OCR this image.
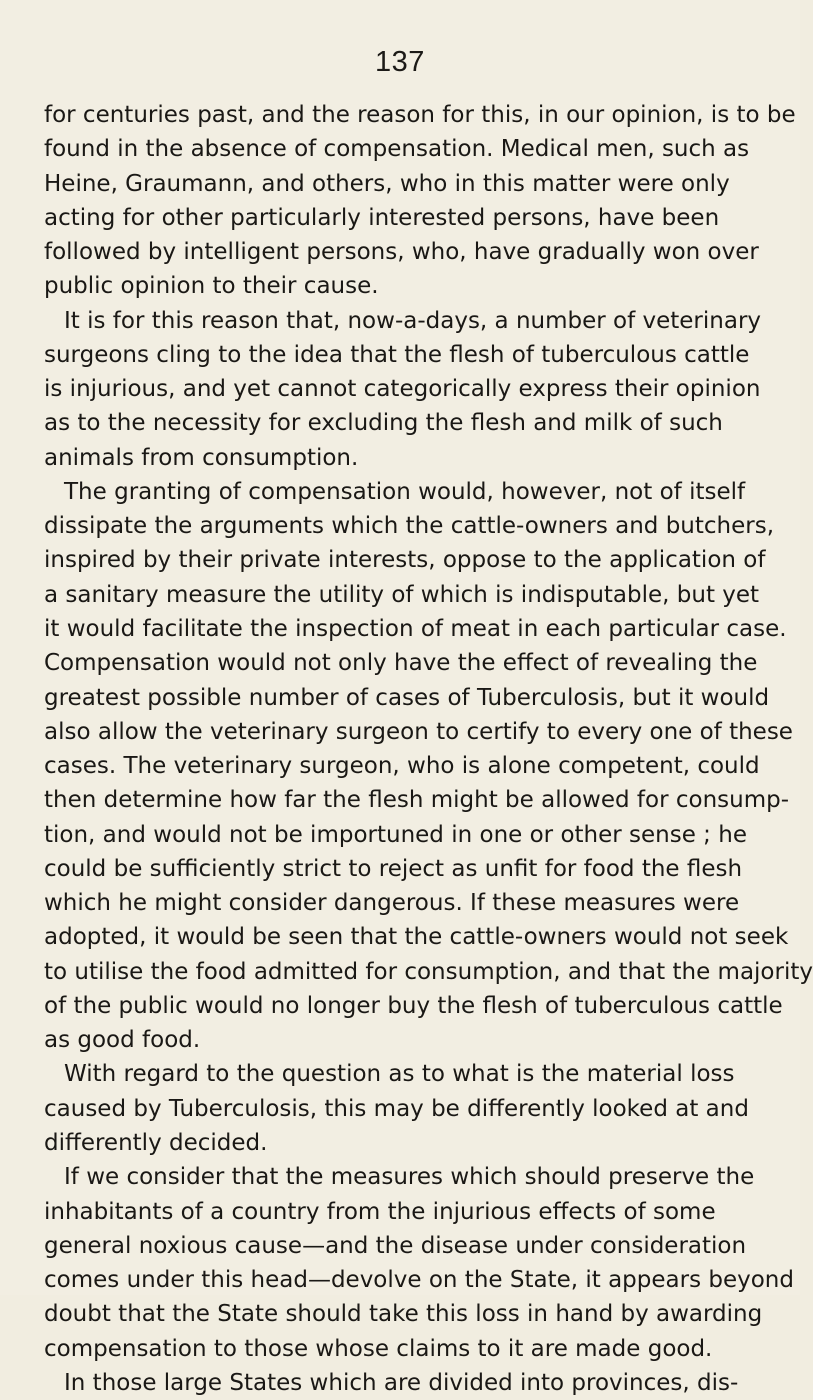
137
for centuries past, and the reason for this, in our opinion, is to be
found in the absence of compensation. Medical men, such as
Heine, Graumann, and others, who in this matter were only
acting for other particularly interested persons, have been
followed by intelligent persons, who, have gradually won over
public opinion to their cause.
It is for this reason that, now-a-days, a number of veterinary
surgeons cling to the idea that the flesh of tuberculous cattle
is injurious, and yet cannot categorically express their opinion
as to the necessity for excluding the flesh and milk of such
animals from consumption.
The granting of compensation would, however, not of itself
dissipate the arguments which the cattle-owners and butchers,
inspired by their private interests, oppose to the application of
a sanitary measure the utility of which is indisputable, but yet
it would facilitate the inspection of meat in each particular case.
Compensation would not only have the effect of revealing the
greatest possible number of cases of Tuberculosis, but it would
also allow the veterinary surgeon to certify to every one of these
cases. The veterinary surgeon, who is alone competent, could
then determine how far the flesh might be allowed for consump-
tion, and would not be importuned in one or other sense ; he
could be sufficiently strict to reject as unfit for food the flesh
which he might consider dangerous. If these measures were
adopted, it would be seen that the cattle-owners would not seek
to utilise the food admitted for consumption, and that the majority
of the public would no longer buy the flesh of tuberculous cattle
as good food.
With regard to the question as to what is the material loss
caused by Tuberculosis, this may be differently looked at and
differently decided.
If we consider that the measures which should preserve the
inhabitants of a country from the injurious effects of some
general noxious cause—and the disease under consideration
comes under this head—devolve on the State, it appears beyond
doubt that the State should take this loss in hand by awarding
compensation to those whose claims to it are made good.
In those large States which are divided into provinces, dis-
